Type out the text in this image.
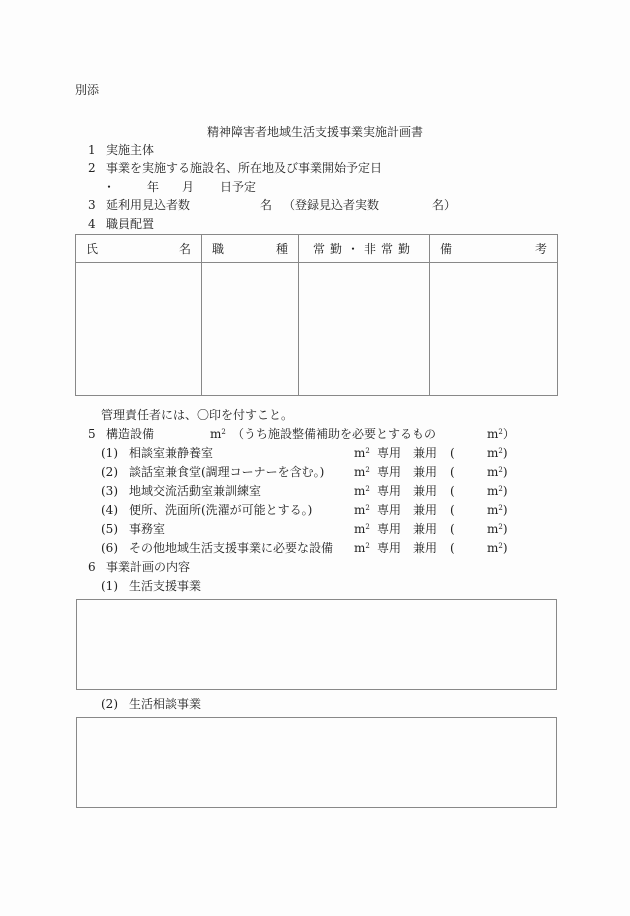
別添
精神障害者地域生活支援事業実施計画書
1 実施主体
2 事業を実施する施設名、所在地及び事業開始予定日
・	年 月 日予定
3 延利用見込者数	名 （登録見込者実数	名）
4 職員配置
氏 名	職 種	常勤・非常勤	備 考

管理責任者には、〇印を付すこと。
5 構造設備	$m^2$ （うち施設整備補助を必要とするもの	$m^2$）
(1) 相談室兼静養室	$m^2$ 専用 兼用 (	$m^2$)
(2) 談話室兼食堂(調理コーナーを含む。) $m^2$ 専用 兼用 (	$m^2$)
(3) 地域交流活動室兼訓練室	$m^2$ 専用 兼用 (	$m^2$)
(4) 便所、洗面所(洗濯が可能とする。)	$m^2$ 専用 兼用 (	$m^2$)
(5) 事務室	$m^2$ 専用 兼用 (	$m^2$)
(6) その他地域生活支援事業に必要な設備 $m^2$ 専用 兼用 (	$m^2$)
6 事業計画の内容
(1) 生活支援事業
(2) 生活相談事業
